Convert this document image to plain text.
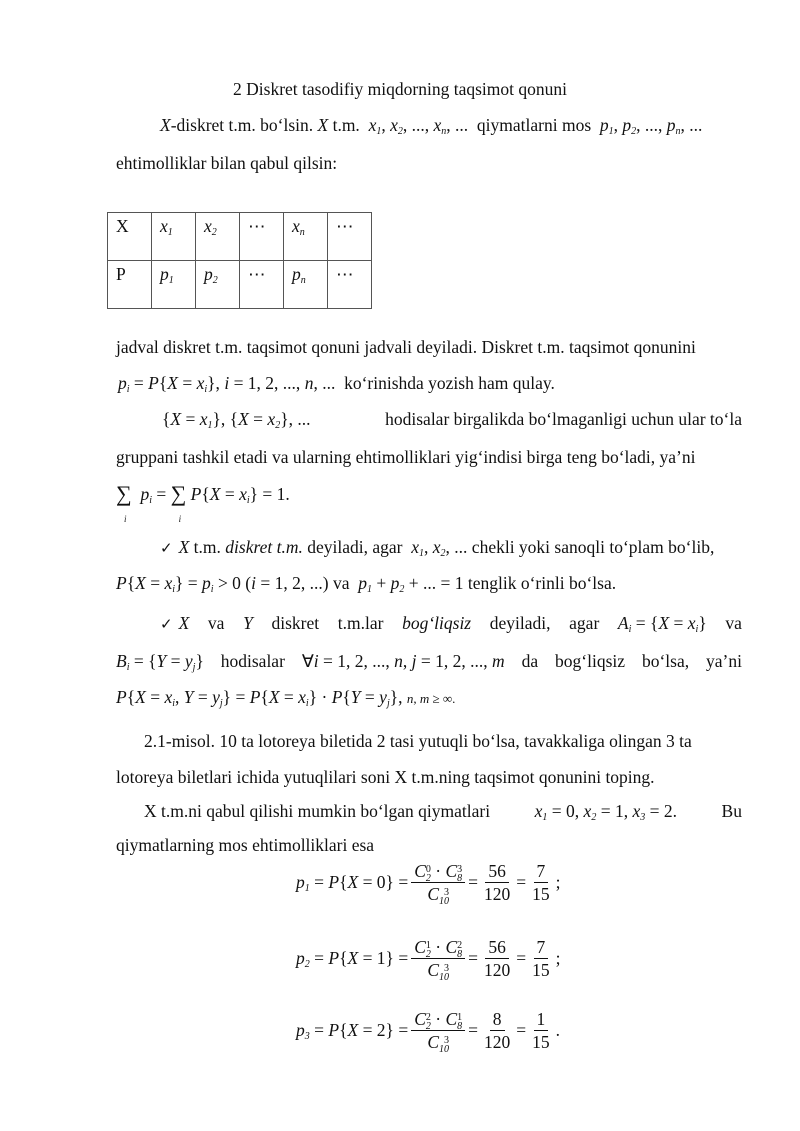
2 Diskret tasodifiy miqdorning taqsimot qonuni
X-diskret t.m. bo‘lsin. X t.m.  $x_1$, $x_2$, ..., $x_n$, ...  qiymatlarni mos $p_1$, $p_2$, ..., $p_n$, ...
ehtimolliklar bilan qabul qilsin:
X	$x_1$	$x_2$	⋯	$x_n$	⋯
P	$p_1$	$p_2$	⋯	$p_n$	⋯
jadval diskret t.m. taqsimot qonuni jadvali deyiladi. Diskret t.m. taqsimot qonunini
$p_i = P\{X = x_i\}$, i = 1, 2, ..., n, ...  ko‘rinishda yozish ham qulay.
$\{X = x_1\}$, $\{X = x_2\}$, ...	hodisalar birgalikda bo‘lmaganligi uchun ular to‘la
gruppani tashkil etadi va ularning ehtimolliklari yig‘indisi birga teng bo‘ladi, ya’ni
∑
i
$p_i$ = ∑
i
$P\{X = x_i\} = 1$.
✓ X t.m. diskret t.m. deyiladi, agar  $x_1$, $x_2$, ... chekli yoki sanoqli to‘plam bo‘lib,
$P\{X = x_i\} = p_i > 0$ (i = 1, 2, ...) va  $p_1 + p_2$ + ... = 1 tenglik o‘rinli bo‘lsa.
✓ X va Y diskret t.m.lar bog‘liqsiz deyiladi, agar $A_i = \{X = x_i\}$ va
$B_i = \{Y = y_j\}$ hodisalar ∀i = 1, 2, ..., n, j = 1, 2, ..., m da bog‘liqsiz bo‘lsa, ya’ni
$P\{X = x_i$, $Y = y_j\} = P\{X = x_i\} \cdot P\{Y = y_j\}$, n, m ≥ ∞.
2.1-misol. 10 ta lotoreya biletida 2 tasi yutuqli bo‘lsa, tavakkaliga olingan 3 ta
lotoreya biletlari ichida yutuqlilari soni X t.m.ning taqsimot qonunini toping.
X t.m.ni qabul qilishi mumkin bo‘lgan qiymatlari	$x_1 = 0$, $x_2 = 1$, $x_3 = 2$.	Bu
qiymatlarning mos ehtimolliklari esa
$p_1 = P\{X = 0\} = \frac{C_2^0 \cdot C_8^3}{C_{10}^3} = \frac{56}{120} = \frac{7}{15}$ ;
$p_2 = P\{X = 1\} = \frac{C_2^1 \cdot C_8^2}{C_{10}^3} = \frac{56}{120} = \frac{7}{15}$ ;
$p_3 = P\{X = 2\} = \frac{C_2^2 \cdot C_8^1}{C_{10}^3} = \frac{8}{120} = \frac{1}{15}$ .
